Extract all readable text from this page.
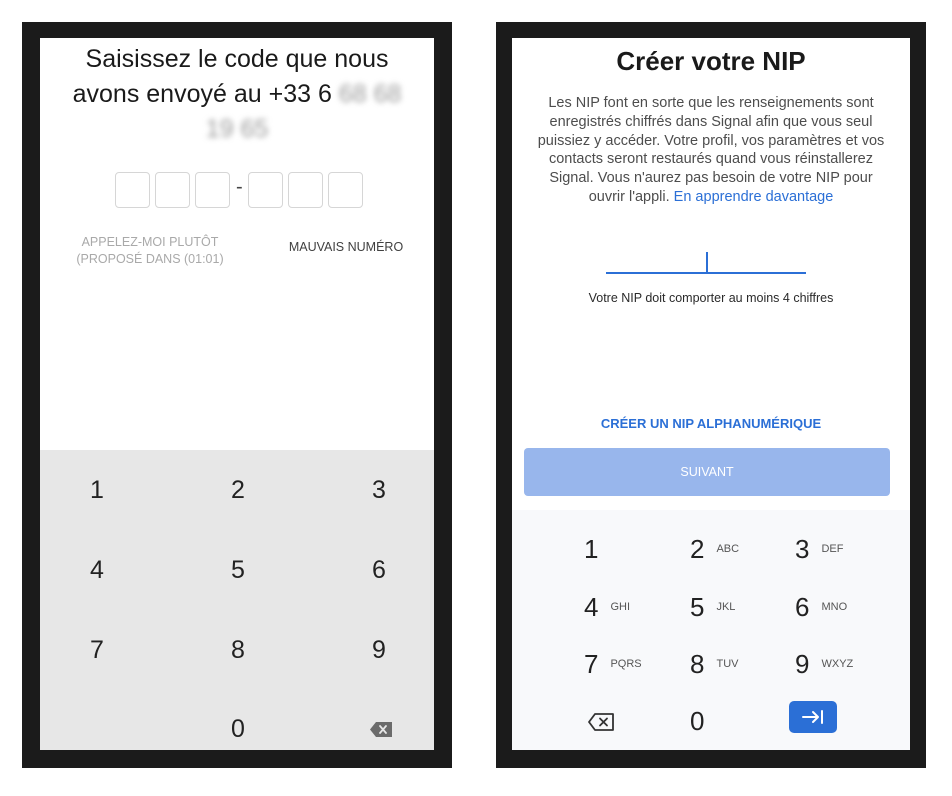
Saisissez le code que nous
avons envoyé au +33 6 68 68
19 65
-
APPELEZ-MOI PLUTÔT
(PROPOSÉ DANS (01:01)
MAUVAIS NUMÉRO
1	2	3
4	5	6
7	8	9
0
Créer votre NIP
Les NIP font en sorte que les renseignements sont enregistrés chiffrés dans Signal afin que vous seul puissiez y accéder. Votre profil, vos paramètres et vos contacts seront restaurés quand vous réinstallerez Signal. Vous n'aurez pas besoin de votre NIP pour ouvrir l'appli. En apprendre davantage
Votre NIP doit comporter au moins 4 chiffres
CRÉER UN NIP ALPHANUMÉRIQUE
SUIVANT
1	2 ABC	3 DEF
4 GHI	5 JKL	6 MNO
7 PQRS	8 TUV	9 WXYZ
0
